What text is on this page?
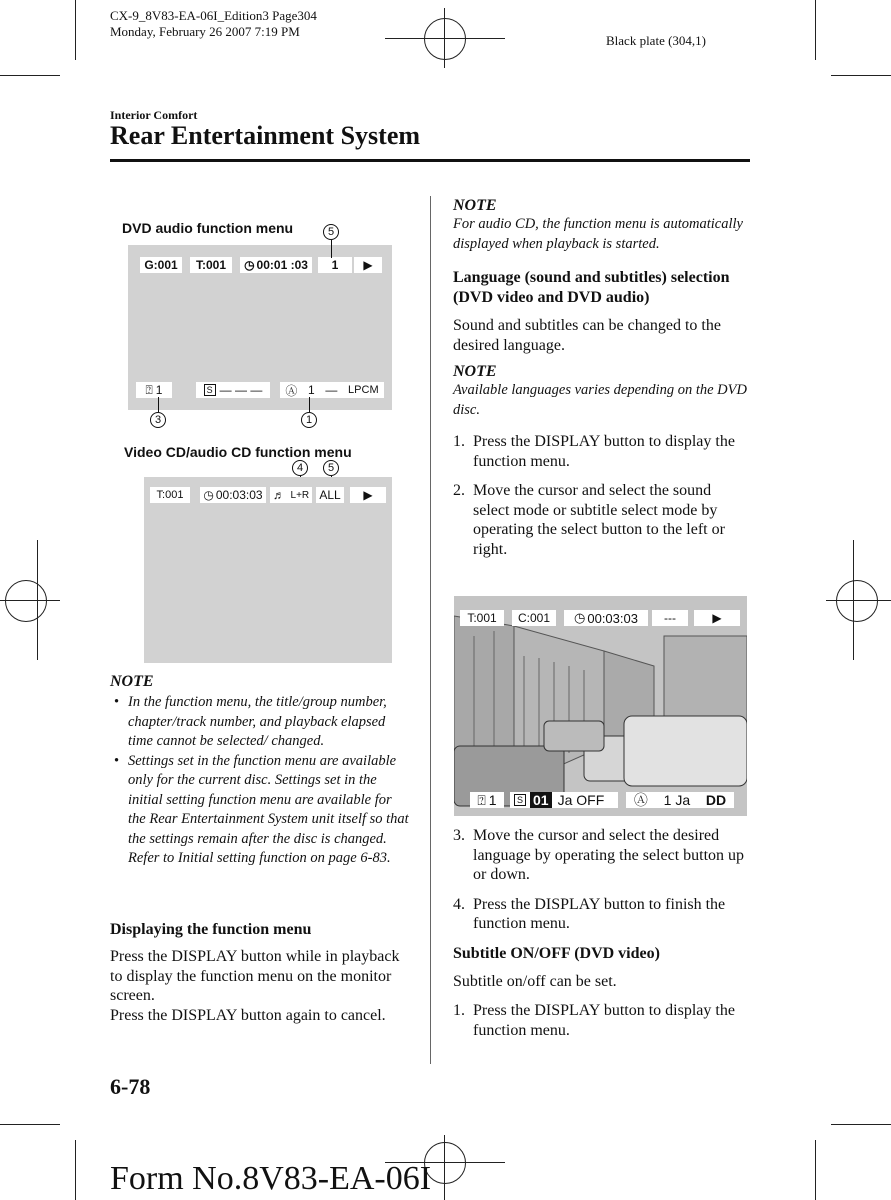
CX-9_8V83-EA-06I_Edition3 Page304
Monday, February 26 2007 7:19 PM
Black plate (304,1)
Interior Comfort
Rear Entertainment System
DVD audio function menu
G:001	T:001	◷ 00:01 :03	1	▶
⍰ 1	S — — — Ⓐ 1 — LPCM
5
3	1
Video CD/audio CD function menu
4	5
T:001	◷ 00:03:03 ♬ L+R ALL	▶
NOTE
• In the function menu, the title/group number, chapter/track number, and playback elapsed time cannot be selected/ changed.
• Settings set in the function menu are available only for the current disc. Settings set in the initial setting function menu are available for the Rear Entertainment System unit itself so that the settings remain after the disc is changed. Refer to Initial setting function on page 6-83.
Displaying the function menu
Press the DISPLAY button while in playback to display the function menu on the monitor screen.
Press the DISPLAY button again to cancel.
NOTE
For audio CD, the function menu is automatically displayed when playback is started.
Language (sound and subtitles) selection (DVD video and DVD audio)
Sound and subtitles can be changed to the desired language.
NOTE
Available languages varies depending on the DVD disc.
1. Press the DISPLAY button to display the function menu.
2. Move the cursor and select the sound select mode or subtitle select mode by operating the select button to the left or right.
T:001	C:001	◷ 00:03:03	---	▶
⍰ 1	S 01 Ja OFF Ⓐ 1 Ja DD
3. Move the cursor and select the desired language by operating the select button up or down.
4. Press the DISPLAY button to finish the function menu.
Subtitle ON/OFF (DVD video)
Subtitle on/off can be set.
1. Press the DISPLAY button to display the function menu.
6-78
Form No.8V83-EA-06I
